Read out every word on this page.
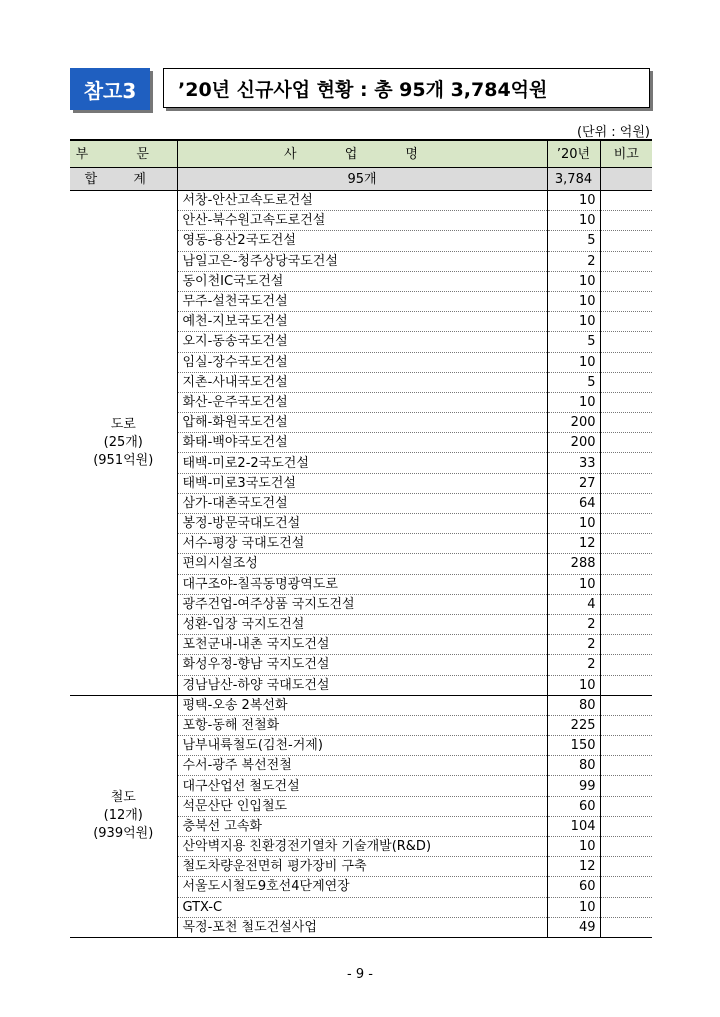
참고3	’20년 신규사업 현황 : 총 95개 3,784억원
(단위 : 억원)
부 문	사 업 명	’20년	비고
합 계	95개	3,784	

도로
(25개)
(951억원)	서창-안산고속도로건설	10	
	안산-북수원고속도로건설	10	
	영동-용산2국도건설	5	
	남일고은-청주상당국도건설	2	
	동이천IC국도건설	10	
	무주-설천국도건설	10	
	예천-지보국도건설	10	
	오지-동송국도건설	5	
	임실-장수국도건설	10	
	지촌-사내국도건설	5	
	화산-운주국도건설	10	
	압해-화원국도건설	200	
	화태-백야국도건설	200	
	태백-미로2-2국도건설	33	
	태백-미로3국도건설	27	
	삼가-대촌국도건설	64	
	봉정-방문국대도건설	10	
	서수-평장 국대도건설	12	
	편의시설조성	288	
	대구조야-칠곡동명광역도로	10	
	광주건업-여주상품 국지도건설	4	
	성환-입장 국지도건설	2	
	포천군내-내촌 국지도건설	2	
	화성우정-향남 국지도건설	2	
	경남남산-하양 국대도건설	10	

철도
(12개)
(939억원)	평택-오송 2복선화	80	
	포항-동해 전철화	225	
	남부내륙철도(김천-거제)	150	
	수서-광주 복선전철	80	
	대구산업선 철도건설	99	
	석문산단 인입철도	60	
	충북선 고속화	104	
	산악벽지용 친환경전기열차 기술개발(R&D)	10	
	철도차량운전면허 평가장비 구축	12	
	서울도시철도9호선4단계연장	60	
	GTX-C	10	
	목정-포천 철도건설사업	49	
- 9 -
